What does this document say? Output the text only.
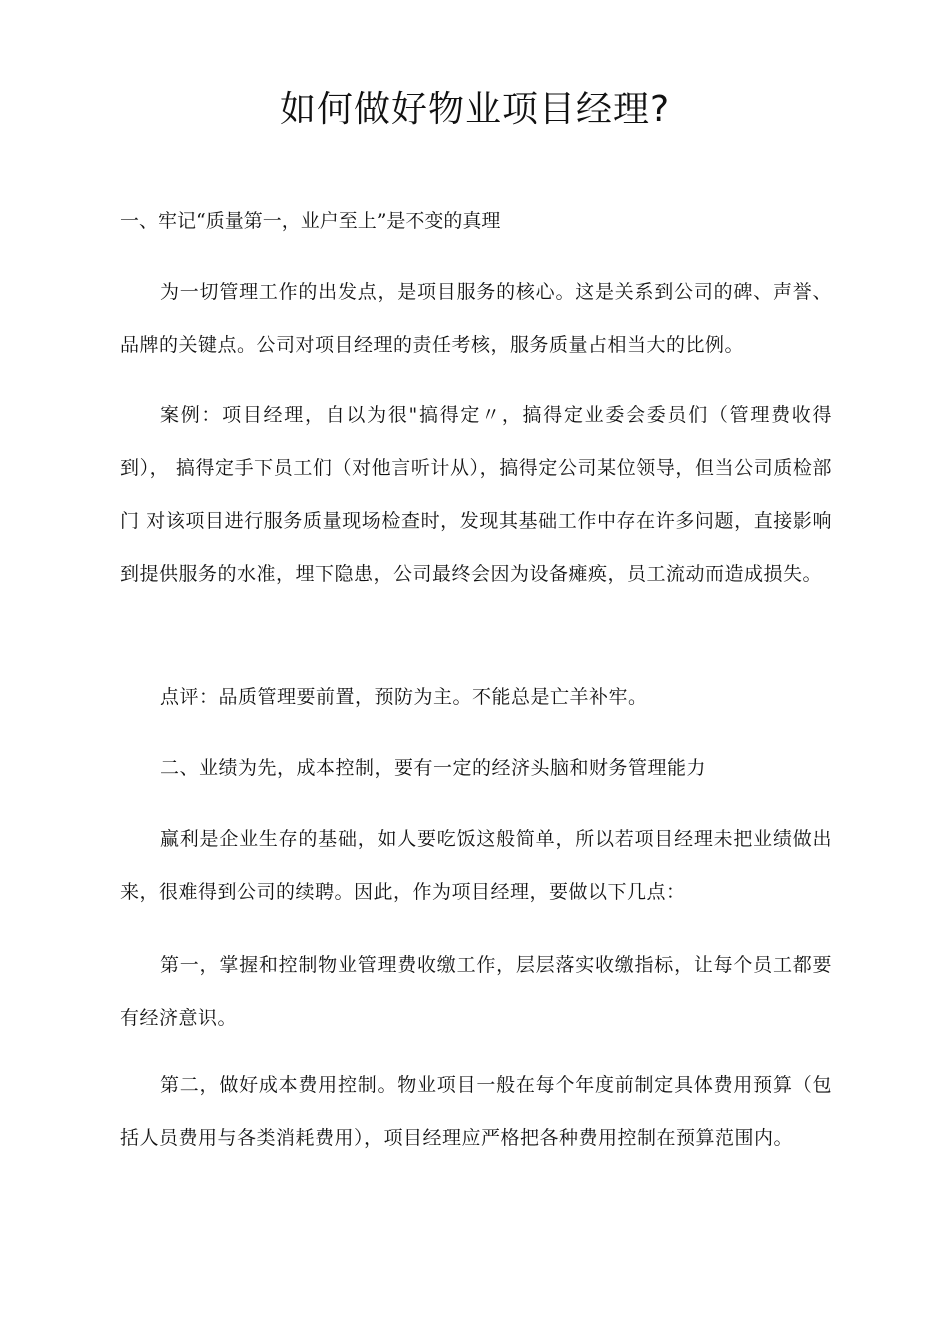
如何做好物业项目经理?

一、牢记“质量第一，业户至上”是不变的真理

为一切管理工作的出发点，是项目服务的核心。这是关系到公司的碑、声誉、品牌的关键点。公司对项目经理的责任考核，服务质量占相当大的比例。

案例：项目经理，自以为很"搞得定〃，搞得定业委会委员们（管理费收得到）， 搞得定手下员工们（对他言听计从），搞得定公司某位领导，但当公司质检部门 对该项目进行服务质量现场检查时，发现其基础工作中存在许多问题，直接影响 到提供服务的水准，埋下隐患，公司最终会因为设备瘫痪，员工流动而造成损失。

点评：品质管理要前置，预防为主。不能总是亡羊补牢。

二、业绩为先，成本控制，要有一定的经济头脑和财务管理能力

赢利是企业生存的基础，如人要吃饭这般简单，所以若项目经理未把业绩做出来，很难得到公司的续聘。因此，作为项目经理，要做以下几点：

第一，掌握和控制物业管理费收缴工作，层层落实收缴指标，让每个员工都要有经济意识。

第二，做好成本费用控制。物业项目一般在每个年度前制定具体费用预算（包 括人员费用与各类消耗费用），项目经理应严格把各种费用控制在预算范围内。
